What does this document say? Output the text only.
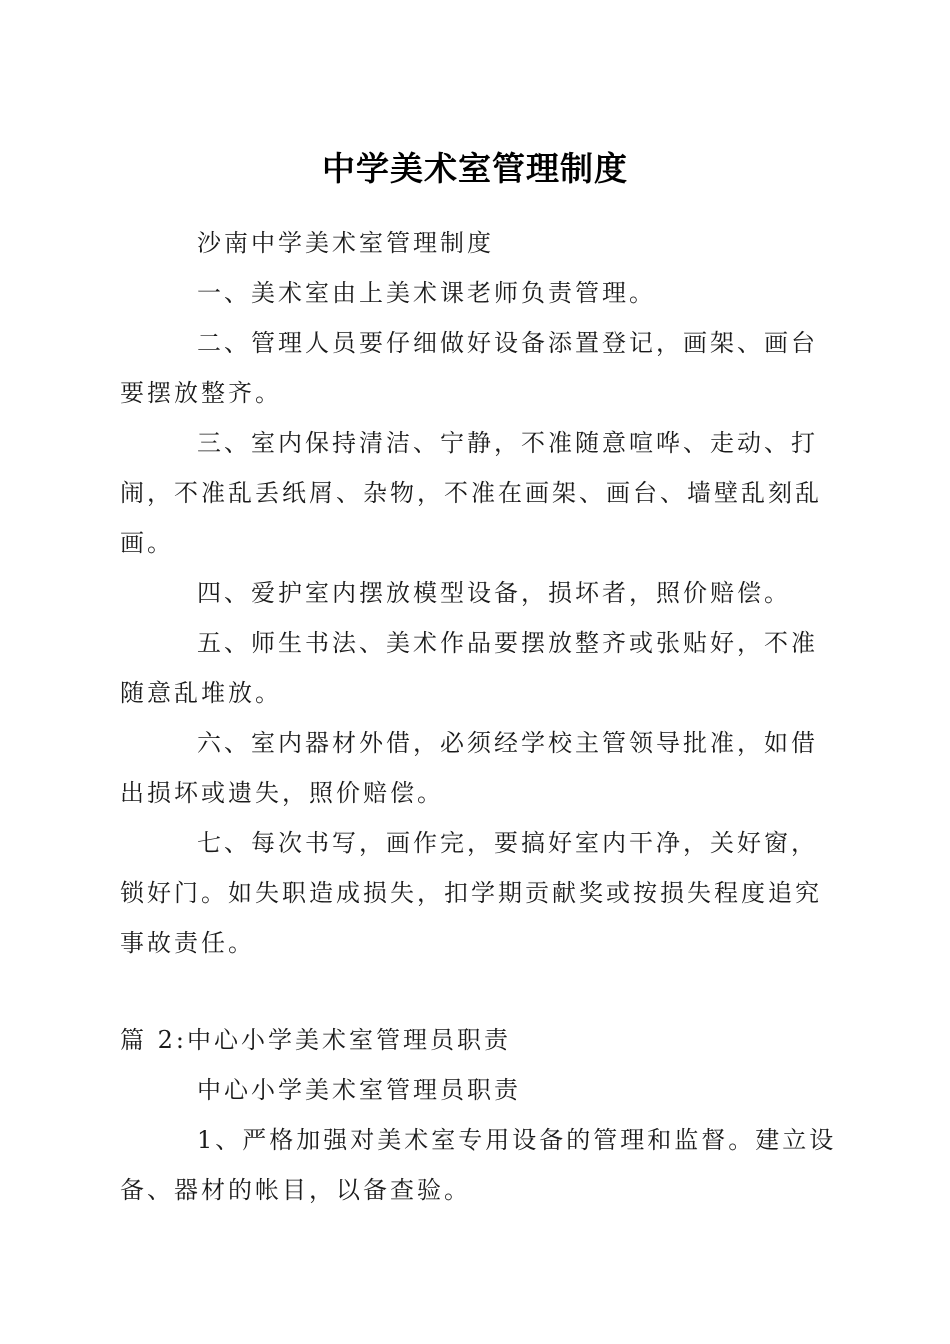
中学美术室管理制度

沙南中学美术室管理制度

一、美术室由上美术课老师负责管理。

二、管理人员要仔细做好设备添置登记，画架、画台要摆放整齐。

三、室内保持清洁、宁静，不准随意喧哗、走动、打闹，不准乱丢纸屑、杂物，不准在画架、画台、墙壁乱刻乱画。

四、爱护室内摆放模型设备，损坏者，照价赔偿。

五、师生书法、美术作品要摆放整齐或张贴好，不准随意乱堆放。

六、室内器材外借，必须经学校主管领导批准，如借出损坏或遗失，照价赔偿。

七、每次书写，画作完，要搞好室内干净，关好窗，锁好门。如失职造成损失，扣学期贡献奖或按损失程度追究事故责任。

篇 2:中心小学美术室管理员职责

中心小学美术室管理员职责

1、严格加强对美术室专用设备的管理和监督。建立设备、器材的帐目，以备查验。
